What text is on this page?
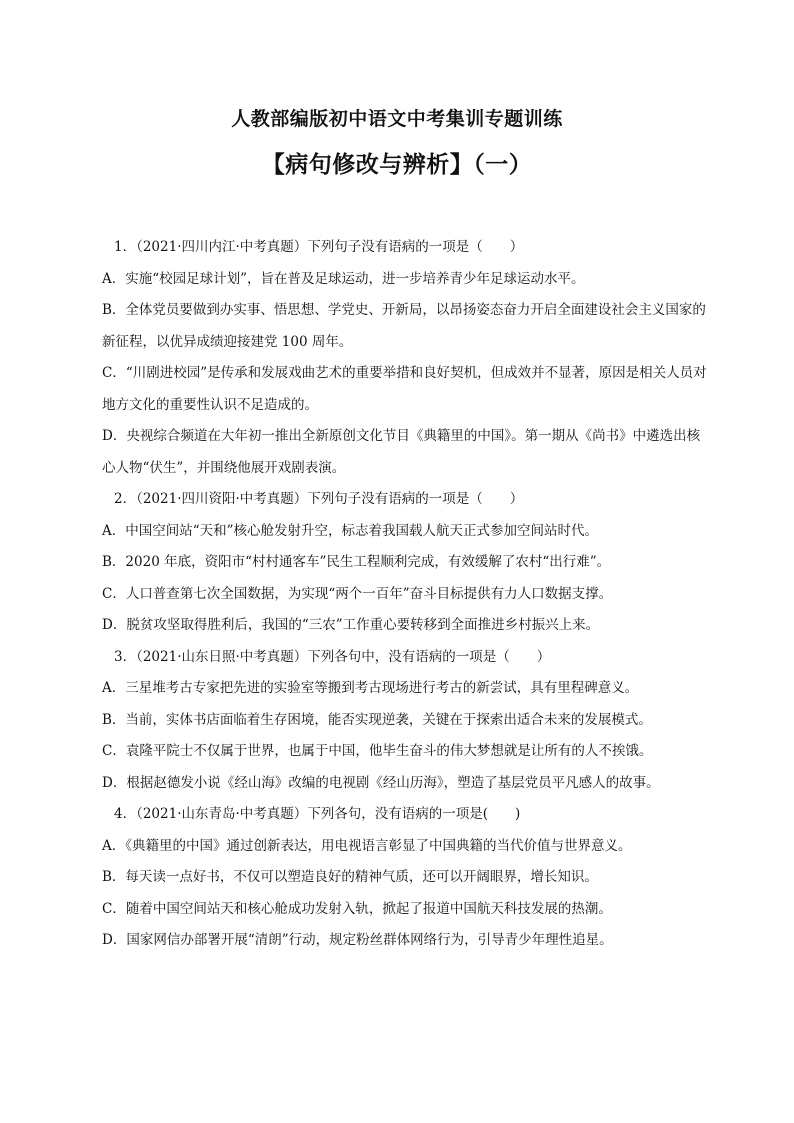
人教部编版初中语文中考集训专题训练
【病句修改与辨析】（一）
1．（2021·四川内江·中考真题）下列句子没有语病的一项是（　　）
A．实施“校园足球计划”，旨在普及足球运动，进一步培养青少年足球运动水平。
B．全体党员要做到办实事、悟思想、学党史、开新局，以昂扬姿态奋力开启全面建设社会主义国家的
新征程，以优异成绩迎接建党 100 周年。
C．“川剧进校园”是传承和发展戏曲艺术的重要举措和良好契机，但成效并不显著，原因是相关人员对
地方文化的重要性认识不足造成的。
D．央视综合频道在大年初一推出全新原创文化节目《典籍里的中国》。第一期从《尚书》中遴选出核
心人物“伏生”，并围绕他展开戏剧表演。
2．（2021·四川资阳·中考真题）下列句子没有语病的一项是（　　）
A．中国空间站“天和”核心舱发射升空，标志着我国载人航天正式参加空间站时代。
B．2020 年底，资阳市“村村通客车”民生工程顺利完成，有效缓解了农村“出行难”。
C．人口普查第七次全国数据，为实现“两个一百年”奋斗目标提供有力人口数据支撑。
D．脱贫攻坚取得胜利后，我国的“三农”工作重心要转移到全面推进乡村振兴上来。
3．（2021·山东日照·中考真题）下列各句中，没有语病的一项是（　　）
A．三星堆考古专家把先进的实验室等搬到考古现场进行考古的新尝试，具有里程碑意义。
B．当前，实体书店面临着生存困境，能否实现逆袭，关键在于探索出适合未来的发展模式。
C．袁隆平院士不仅属于世界，也属于中国，他毕生奋斗的伟大梦想就是让所有的人不挨饿。
D．根据赵德发小说《经山海》改编的电视剧《经山历海》，塑造了基层党员平凡感人的故事。
4．（2021·山东青岛·中考真题）下列各句，没有语病的一项是(　　)
A．《典籍里的中国》通过创新表达，用电视语言彰显了中国典籍的当代价值与世界意义。
B．每天读一点好书，不仅可以塑造良好的精神气质，还可以开阔眼界，增长知识。
C．随着中国空间站天和核心舱成功发射入轨，掀起了报道中国航天科技发展的热潮。
D．国家网信办部署开展“清朗”行动，规定粉丝群体网络行为，引导青少年理性追星。
